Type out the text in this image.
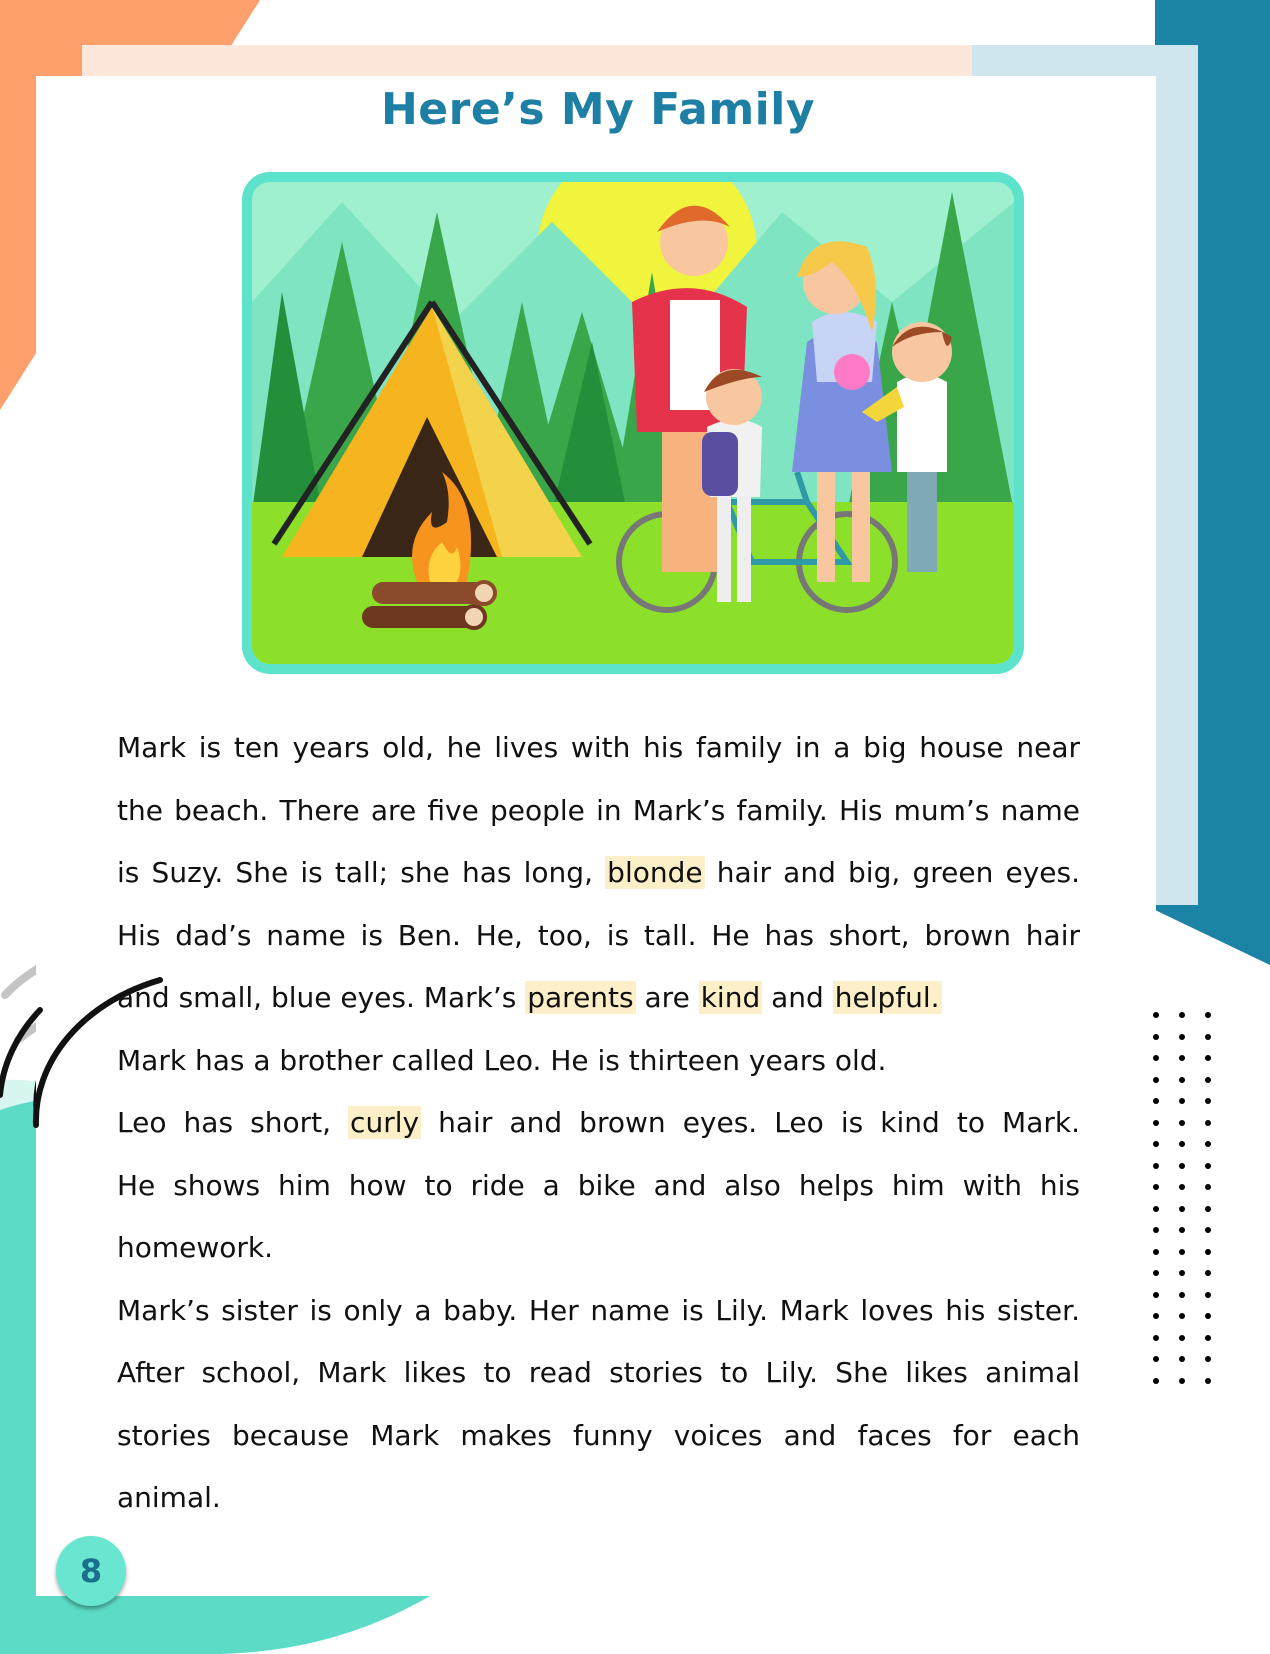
Here’s My Family
Mark is ten years old, he lives with his family in a big house near
the beach. There are five people in Mark’s family. His mum’s name
is Suzy. She is tall; she has long, blonde hair and big, green eyes.
His dad’s name is Ben. He, too, is tall. He has short, brown hair
and small, blue eyes. Mark’s parents are kind and helpful.
Mark has a brother called Leo. He is thirteen years old.
Leo has short, curly hair and brown eyes. Leo is kind to Mark.
He shows him how to ride a bike and also helps him with his
homework.
Mark’s sister is only a baby. Her name is Lily. Mark loves his sister.
After school, Mark likes to read stories to Lily. She likes animal
stories because Mark makes funny voices and faces for each
animal.
8
